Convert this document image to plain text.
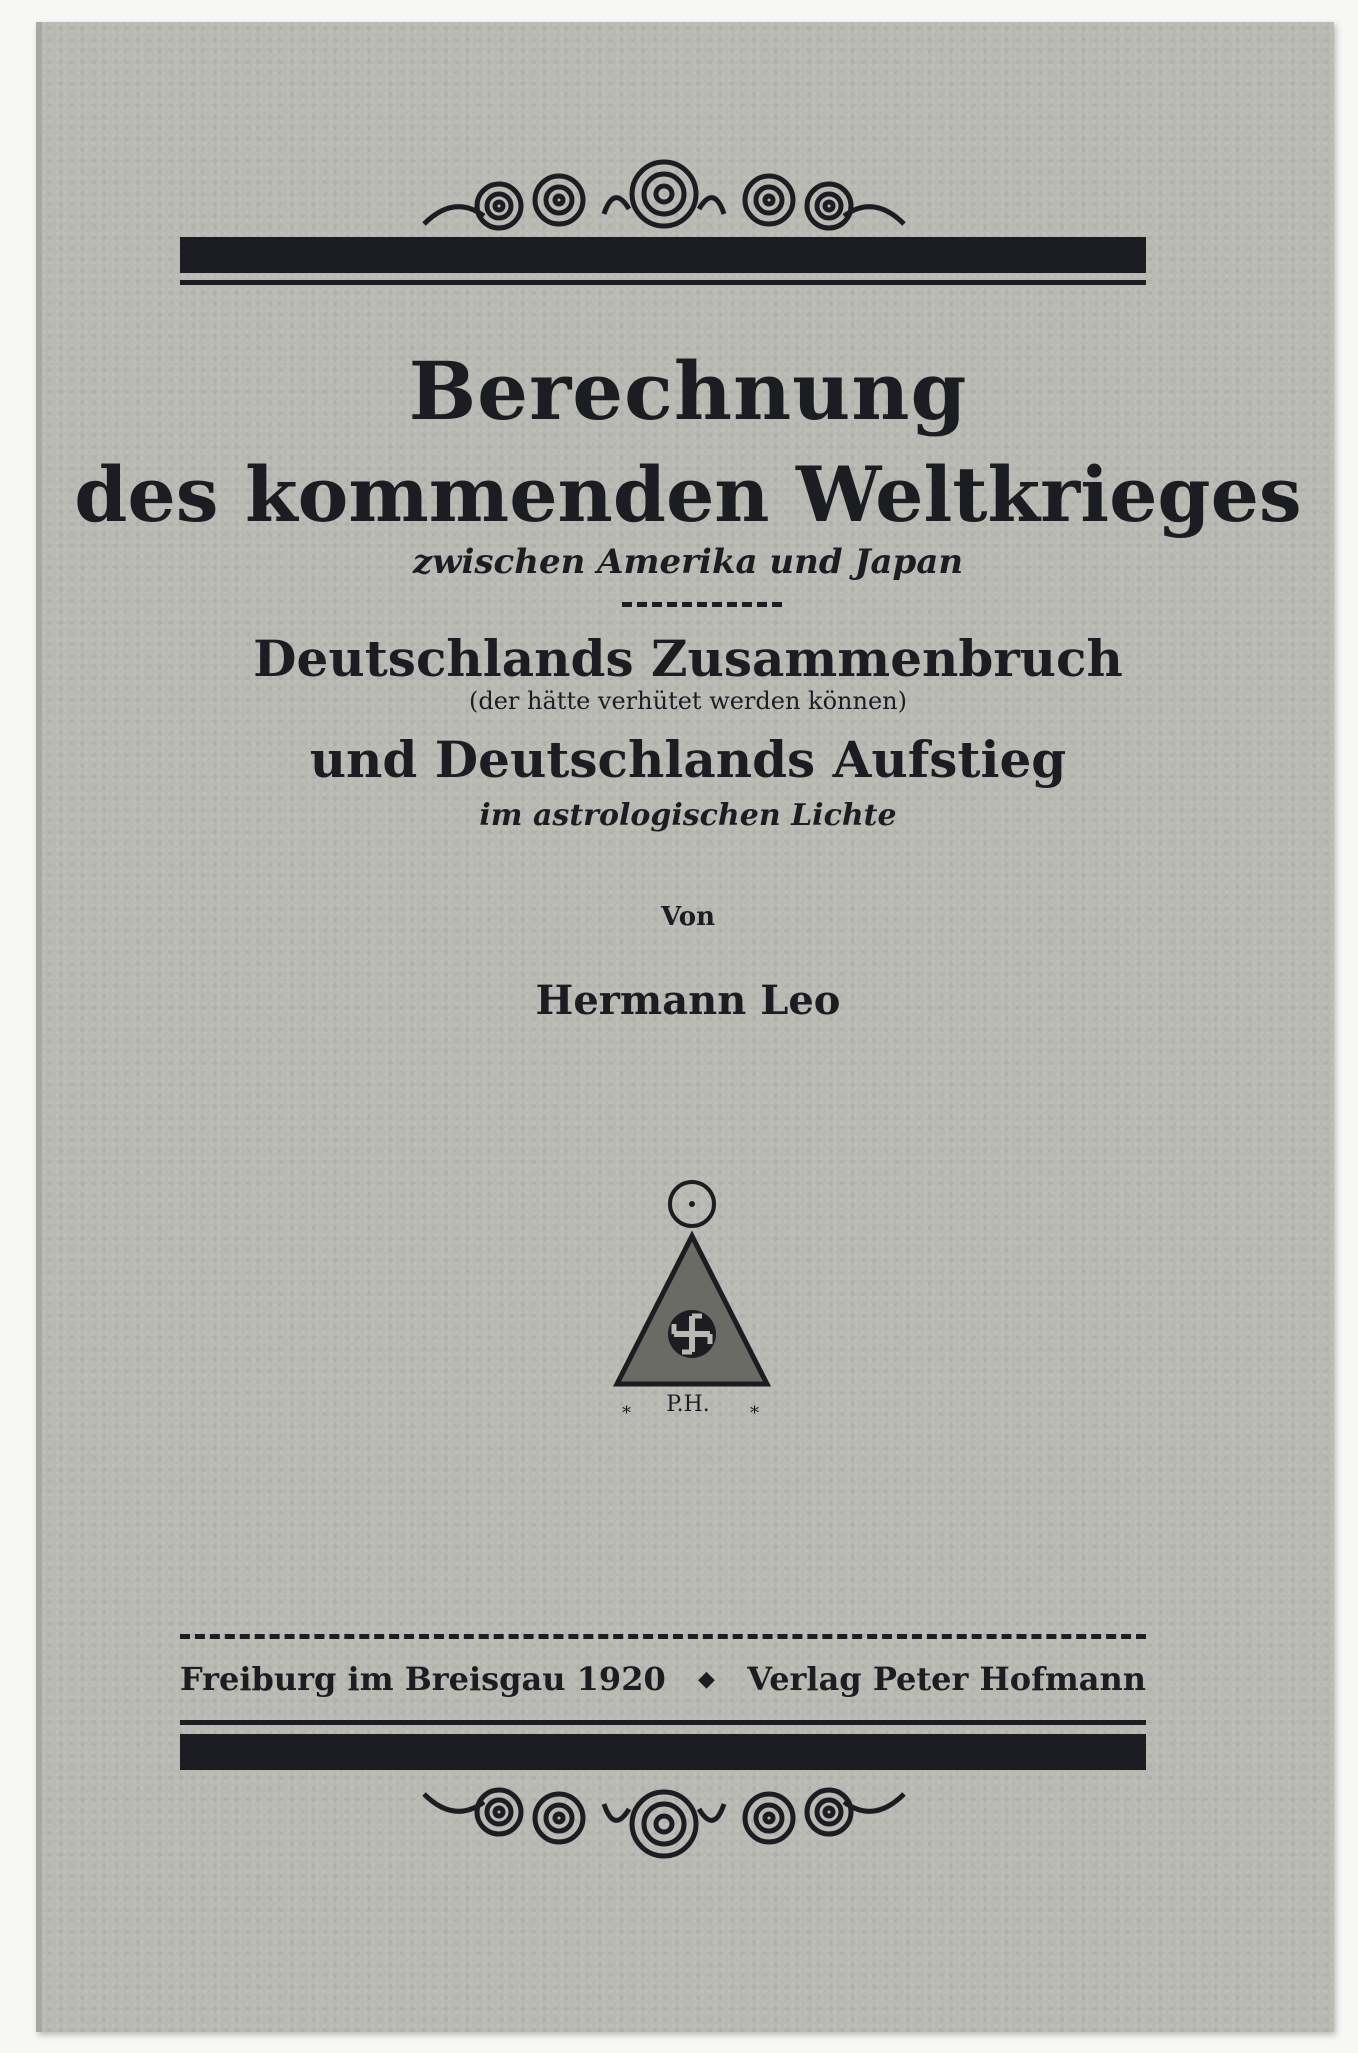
Berechnung
des kommenden Weltkrieges
zwischen Amerika und Japan
Deutschlands Zusammenbruch
(der hätte verhütet werden können)
und Deutschlands Aufstieg
im astrologischen Lichte
Von
Hermann Leo
*	*
P.H.
Freiburg im Breisgau 1920 ◆ Verlag Peter Hofmann
